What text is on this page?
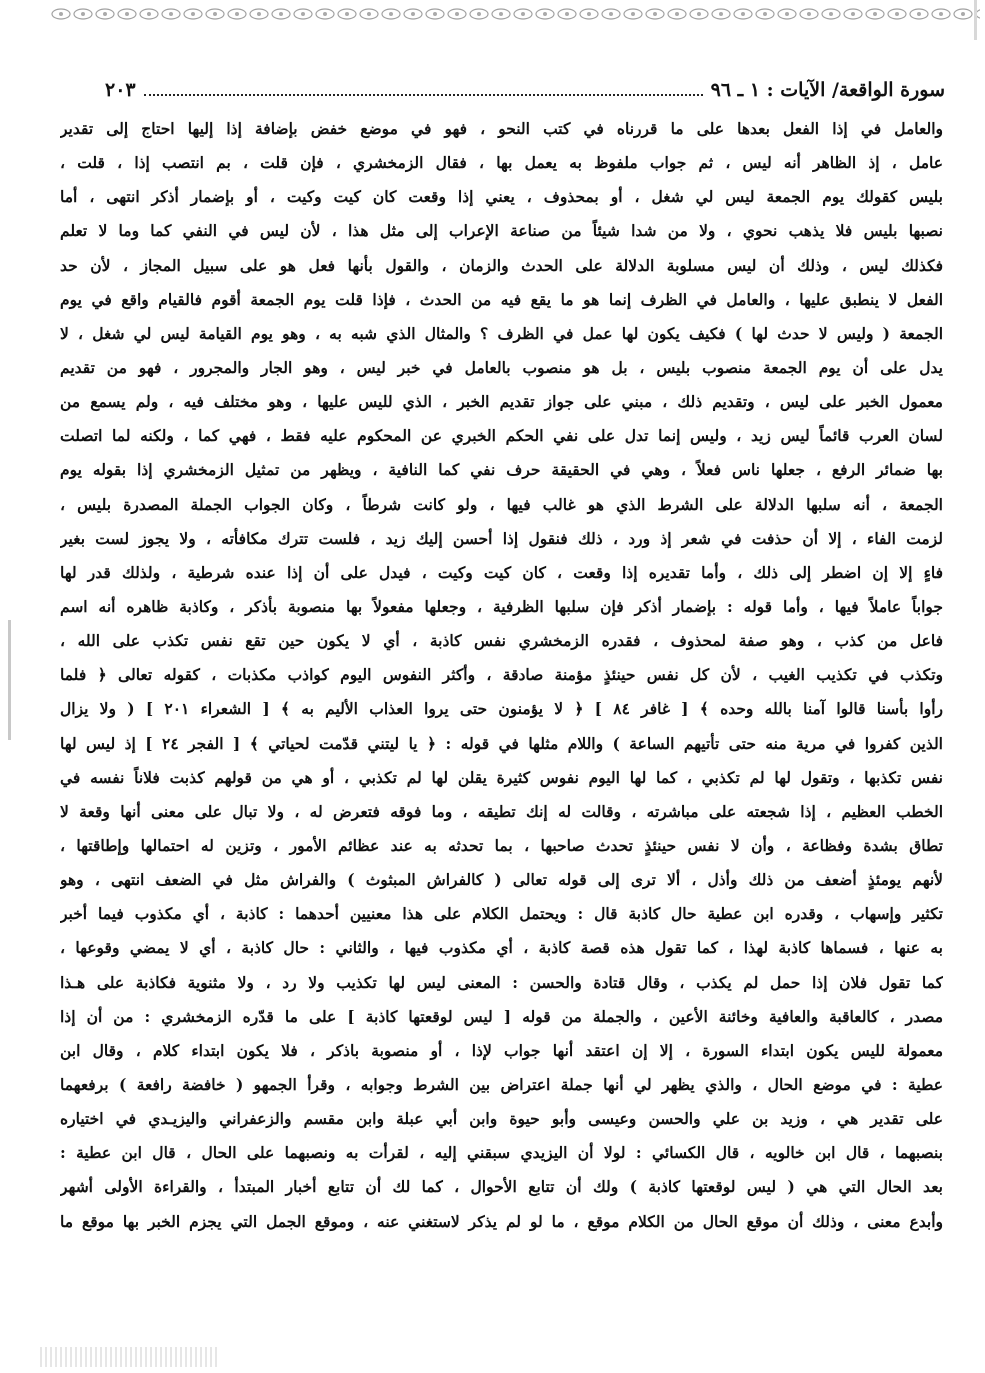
سورة الواقعة/ الآيات : ١ ـ ٩٦
٢٠٣
والعامل في إذا الفعل بعدها على ما قررناه في كتب النحو ، فهو في موضع خفض بإضافة إذا إليها احتاج إلى تقدير
عامل ، إذ الظاهر أنه ليس ، ثم جواب ملفوظ به يعمل بها ، فقال الزمخشري ، فإن قلت ، بم انتصب إذا ، قلت ،
بليس كقولك يوم الجمعة ليس لي شغل ، أو بمحذوف ، يعني إذا وقعت كان كيت وكيت ، أو بإضمار أذكر انتهى ، أما
نصبها بليس فلا يذهب نحوي ، ولا من شدا شيئاً من صناعة الإعراب إلى مثل هذا ، لأن ليس في النفي كما وما لا تعلم
فكذلك ليس ، وذلك أن ليس مسلوبة الدلالة على الحدث والزمان ، والقول بأنها فعل هو على سبيل المجاز ، لأن حد
الفعل لا ينطبق عليها ، والعامل في الظرف إنما هو ما يقع فيه من الحدث ، فإذا قلت يوم الجمعة أقوم فالقيام واقع في يوم
الجمعة ( وليس لا حدث لها ) فكيف يكون لها عمل في الظرف ؟ والمثال الذي شبه به ، وهو يوم القيامة ليس لي شغل ، لا
يدل على أن يوم الجمعة منصوب بليس ، بل هو منصوب بالعامل في خبر ليس ، وهو الجار والمجرور ، فهو من تقديم
معمول الخبر على ليس ، وتقديم ذلك ، مبني على جواز تقديم الخبر ، الذي لليس عليها ، وهو مختلف فيه ، ولم يسمع من
لسان العرب قائماً ليس زيد ، وليس إنما تدل على نفي الحكم الخبري عن المحكوم عليه فقط ، فهي كما ، ولكنه لما اتصلت
بها ضمائر الرفع ، جعلها ناس فعلاً ، وهي في الحقيقة حرف نفي كما النافية ، ويظهر من تمثيل الزمخشري إذا بقوله يوم
الجمعة ، أنه سلبها الدلالة على الشرط الذي هو غالب فيها ، ولو كانت شرطاً ، وكان الجواب الجملة المصدرة بليس ،
لزمت الفاء ، إلا أن حذفت في شعر إذ ورد ، ذلك فنقول إذا أحسن إليك زيد ، فلست تترك مكافأته ، ولا يجوز لست بغير
فاءٍ إلا إن اضطر إلى ذلك ، وأما تقديره إذا وقعت ، كان كيت وكيت ، فيدل على أن إذا عنده شرطية ، ولذلك قدر لها
جواباً عاملاً فيها ، وأما قوله : بإضمار أذكر فإن سلبها الظرفية ، وجعلها مفعولاً بها منصوبة بأذكر ، وكاذبة ظاهره أنه اسم
فاعل من كذب ، وهو صفة لمحذوف ، فقدره الزمخشري نفس كاذبة ، أي لا يكون حين تقع نفس تكذب على الله ،
وتكذب في تكذيب الغيب ، لأن كل نفس حينئذٍ مؤمنة صادقة ، وأكثر النفوس اليوم كواذب مكذبات ، كقوله تعالى ﴿ فلما
رأوا بأسنا قالوا آمنا بالله وحده ﴾ [ غافر ٨٤ ] ﴿ لا يؤمنون حتى يروا العذاب الأليم به ﴾ [ الشعراء ٢٠١ ] ( ولا يزال
الذين كفروا في مرية منه حتى تأتيهم الساعة ) واللام مثلها في قوله : ﴿ يا ليتني قدّمت لحياتي ﴾ [ الفجر ٢٤ ] إذ ليس لها
نفس تكذبها ، وتقول لها لم تكذبي ، كما لها اليوم نفوس كثيرة يقلن لها لم تكذبي ، أو هي من قولهم كذبت فلاناً نفسه في
الخطب العظيم ، إذا شجعته على مباشرته ، وقالت له إنك تطيقه ، وما فوقه فتعرض له ، ولا تبال على معنى أنها وقعة لا
تطاق بشدة وفظاعة ، وأن لا نفس حينئذٍ تحدث صاحبها ، بما تحدثه به عند عظائم الأمور ، وتزين له احتمالها وإطاقتها ،
لأنهم يومئذٍ أضعف من ذلك وأذل ، ألا ترى إلى قوله تعالى ( كالفراش المبثوث ) والفراش مثل في الضعف انتهى ، وهو
تكثير وإسهاب ، وقدره ابن عطية حال كاذبة قال : ويحتمل الكلام على هذا معنيين أحدهما : كاذبة ، أي مكذوب فيما أخبر
به عنها ، فسماها كاذبة لهذا ، كما تقول هذه قصة كاذبة ، أي مكذوب فيها ، والثاني : حال كاذبة ، أي لا يمضي وقوعها ،
كما تقول فلان إذا حمل لم يكذب ، وقال قتادة والحسن : المعنى ليس لها تكذيب ولا رد ، ولا مثنوية فكاذبة على هـذا
مصدر ، كالعاقبة والعافية وخائنة الأعين ، والجملة من قوله [ ليس لوقعتها كاذبة ] على ما قدّره الزمخشري : من أن إذا
معمولة لليس يكون ابتداء السورة ، إلا إن اعتقد أنها جواب لإذا ، أو منصوبة باذكر ، فلا يكون ابتداء كلام ، وقال ابن
عطية : في موضع الحال ، والذي يظهر لي أنها جملة اعتراض بين الشرط وجوابه ، وقرأ الجمهو ( خافضة رافعة ) برفعهما
على تقدير هي ، وزيد بن علي والحسن وعيسى وأبو حيوة وابن أبي عبلة وابن مقسم والزعفراني واليزيـدي في اختياره
بنصبهما ، قال ابن خالويه ، قال الكسائي : لولا أن اليزيدي سبقني إليه ، لقرأت به ونصبهما على الحال ، قال ابن عطية :
بعد الحال التي هي ( ليس لوقعتها كاذبة ) ولك أن تتابع الأحوال ، كما لك أن تتابع أخبار المبتدأ ، والقراءة الأولى أشهر
وأبدع معنى ، وذلك أن موقع الحال من الكلام موقع ، ما لو لم يذكر لاستغني عنه ، وموقع الجمل التي يجزم الخبر بها موقع ما
